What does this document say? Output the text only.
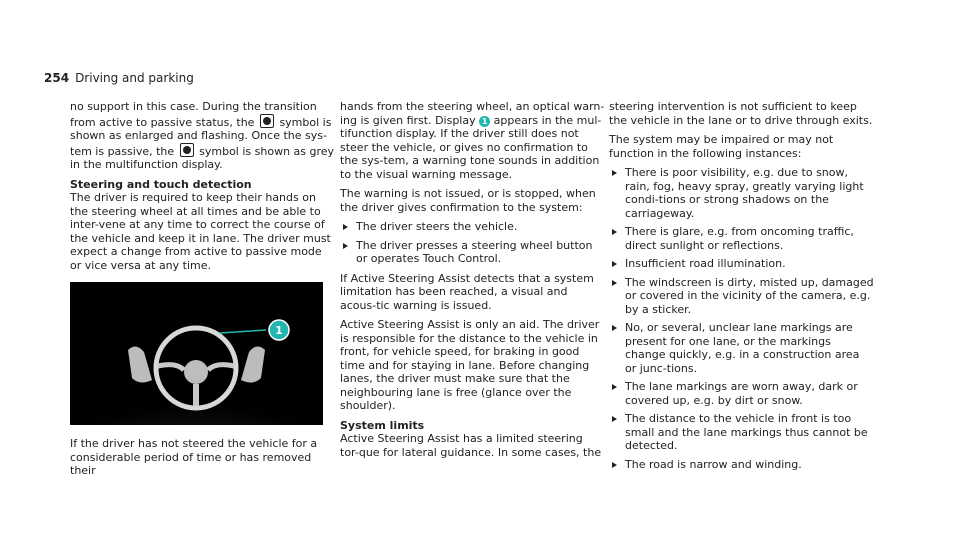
254 Driving and parking

no support in this case. During the transition from active to passive status, the symbol is shown as enlarged and flashing. Once the sys-tem is passive, the symbol is shown as grey in the multifunction display.

Steering and touch detection

The driver is required to keep their hands on the steering wheel at all times and be able to inter-vene at any time to correct the course of the vehicle and keep it in lane. The driver must expect a change from active to passive mode or vice versa at any time.

1

If the driver has not steered the vehicle for a considerable period of time or has removed their

hands from the steering wheel, an optical warn-ing is given first. Display 1 appears in the mul-tifunction display. If the driver still does not steer the vehicle, or gives no confirmation to the sys-tem, a warning tone sounds in addition to the visual warning message.

The warning is not issued, or is stopped, when the driver gives confirmation to the system:

The driver steers the vehicle.
The driver presses a steering wheel button or operates Touch Control.

If Active Steering Assist detects that a system limitation has been reached, a visual and acous-tic warning is issued.

Active Steering Assist is only an aid. The driver is responsible for the distance to the vehicle in front, for vehicle speed, for braking in good time and for staying in lane. Before changing lanes, the driver must make sure that the neighbouring lane is free (glance over the shoulder).

System limits

Active Steering Assist has a limited steering tor-que for lateral guidance. In some cases, the

steering intervention is not sufficient to keep the vehicle in the lane or to drive through exits.

The system may be impaired or may not function in the following instances:

There is poor visibility, e.g. due to snow, rain, fog, heavy spray, greatly varying light condi-tions or strong shadows on the carriageway.
There is glare, e.g. from oncoming traffic, direct sunlight or reflections.
Insufficient road illumination.
The windscreen is dirty, misted up, damaged or covered in the vicinity of the camera, e.g. by a sticker.
No, or several, unclear lane markings are present for one lane, or the markings change quickly, e.g. in a construction area or junc-tions.
The lane markings are worn away, dark or covered up, e.g. by dirt or snow.
The distance to the vehicle in front is too small and the lane markings thus cannot be detected.
The road is narrow and winding.
